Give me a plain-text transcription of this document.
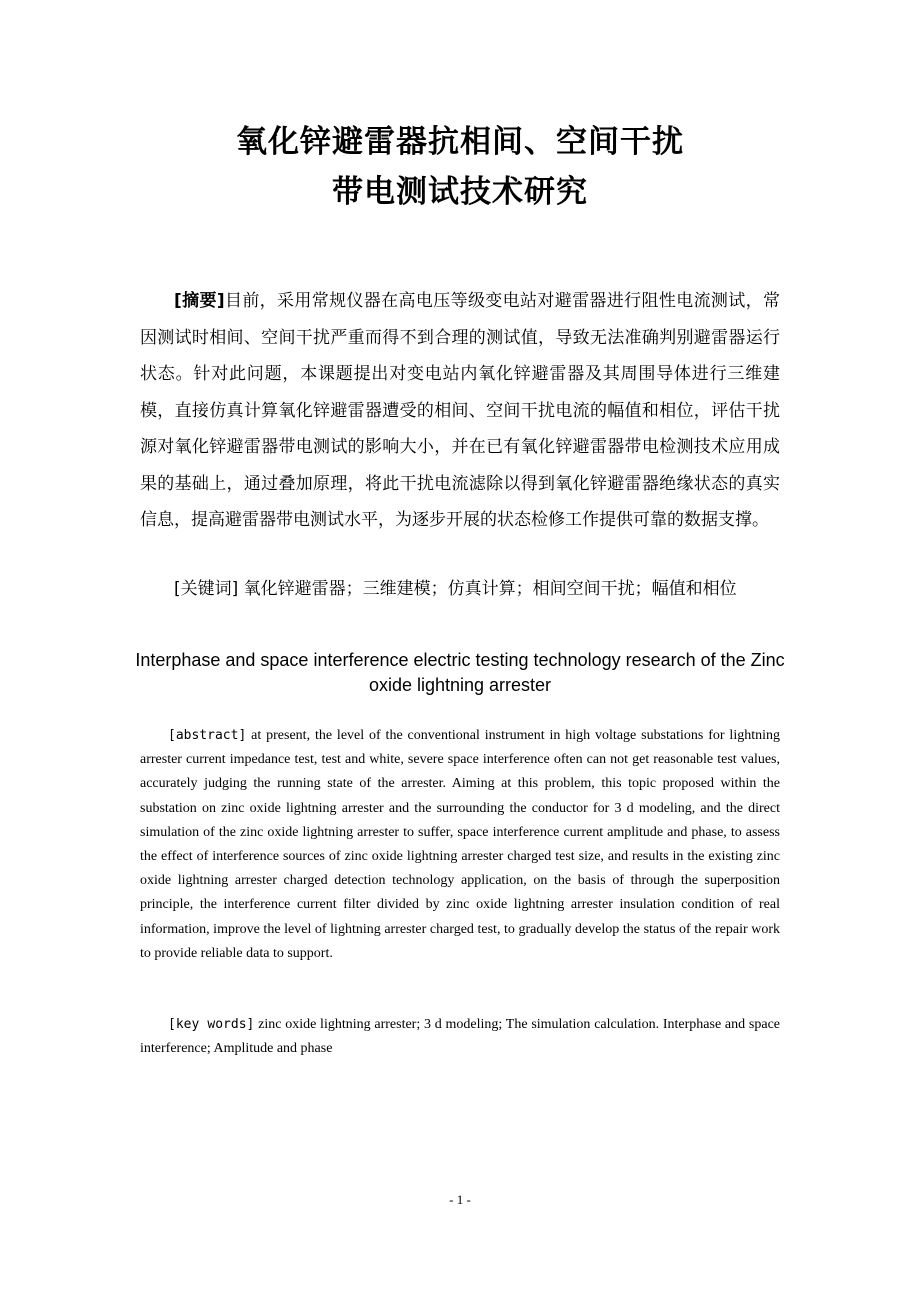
氧化锌避雷器抗相间、空间干扰
带电测试技术研究

[摘要]目前，采用常规仪器在高电压等级变电站对避雷器进行阻性电流测试，常因测试时相间、空间干扰严重而得不到合理的测试值，导致无法准确判别避雷器运行状态。针对此问题，本课题提出对变电站内氧化锌避雷器及其周围导体进行三维建模，直接仿真计算氧化锌避雷器遭受的相间、空间干扰电流的幅值和相位，评估干扰源对氧化锌避雷器带电测试的影响大小，并在已有氧化锌避雷器带电检测技术应用成果的基础上，通过叠加原理，将此干扰电流滤除以得到氧化锌避雷器绝缘状态的真实信息，提高避雷器带电测试水平，为逐步开展的状态检修工作提供可靠的数据支撑。

[关键词] 氧化锌避雷器；三维建模；仿真计算；相间空间干扰；幅值和相位

Interphase and space interference electric testing technology research of the Zinc oxide lightning arrester

[abstract] at present, the level of the conventional instrument in high voltage substations for lightning arrester current impedance test, test and white, severe space interference often can not get reasonable test values, accurately judging the running state of the arrester. Aiming at this problem, this topic proposed within the substation on zinc oxide lightning arrester and the surrounding the conductor for 3 d modeling, and the direct simulation of the zinc oxide lightning arrester to suffer, space interference current amplitude and phase, to assess the effect of interference sources of zinc oxide lightning arrester charged test size, and results in the existing zinc oxide lightning arrester charged detection technology application, on the basis of through the superposition principle, the interference current filter divided by zinc oxide lightning arrester insulation condition of real information, improve the level of lightning arrester charged test, to gradually develop the status of the repair work to provide reliable data to support.

[key words] zinc oxide lightning arrester; 3 d modeling; The simulation calculation. Interphase and space interference; Amplitude and phase

- 1 -
